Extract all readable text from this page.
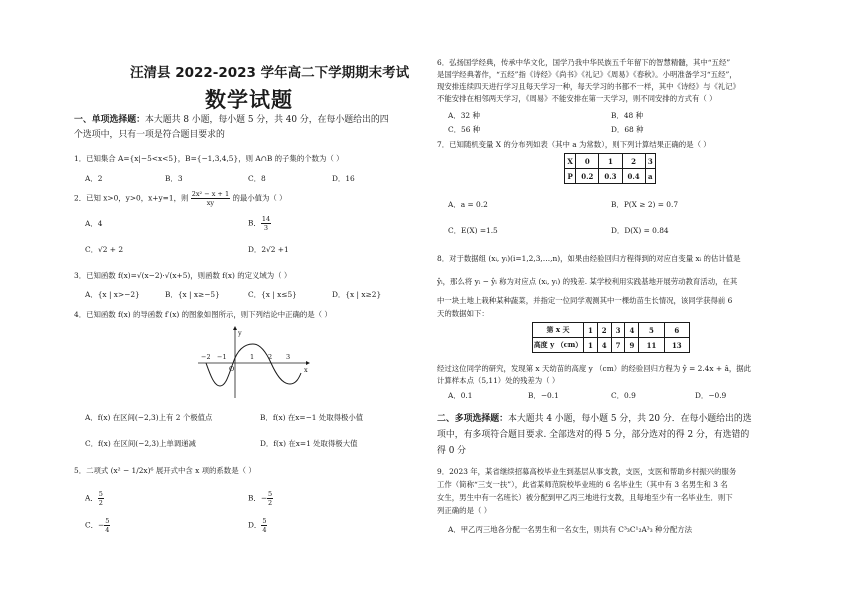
汪清县 2022-2023 学年高二下学期期末考试
数学试题
一、单项选择题：本大题共 8 小题，每小题 5 分，共 40 分，在每小题给出的四
个选项中，只有一项是符合题目要求的
1．已知集合 A={x|−5<x<5}，B={−1,3,4,5}，则 A∩B 的子集的个数为（ ）
A．2	B．3	C．8	D．16
2．已知 x>0，y>0，x+y=1，则 $\frac{\text{2x² − x + 1}}{xy}$ 的最小值为（ ）
A．4	B． $\frac{14}{3}$
C．√2 + 2	D．2√2 +1
3．已知函数 f(x)=√(x−2)·√(x+5)，则函数 f(x) 的定义域为（ ）
A．{x | x>−2}	B．{x | x≥−5}	C．{x | x≤5}	D．{x | x≥2}
4．已知函数 f(x) 的导函数 f′(x) 的图象如图所示，则下列结论中正确的是（ ）
y
x
O
−2 −1	1 2 3
A．f(x) 在区间(−2,3)上有 2 个极值点	B．f(x) 在x=−1 处取得极小值
C．f(x) 在区间(−2,3)上单调递减	D．f(x) 在x=1 处取得极大值
5．二项式 (x² − 1/2x)⁶ 展开式中含 x 项的系数是（ ）
A． $\frac{5}{2}$	B．− $\frac{5}{2}$
C．− $\frac{5}{4}$	D． $\frac{5}{4}$
6．弘扬国学经典，传承中华文化，国学乃我中华民族五千年留下的智慧精髓，其中“五经”
是国学经典著作，“五经”指《诗经》《尚书》《礼记》《周易》《春秋》。小明准备学习“五经”，
现安排连续四天进行学习且每天学习一种，每天学习的书都不一样，其中《诗经》与《礼记》
不能安排在相邻两天学习，《周易》不能安排在第一天学习，则不同安排的方式有（ ）
A．32 种	B．48 种
C．56 种	D．68 种
7．已知随机变量 X 的分布列如表（其中 a 为常数），则下列计算结果正确的是（ ）
X	0	1	2	3
P	0.2	0.3	0.4	a
A．a = 0.2	B．P(X ≥ 2) = 0.7
C．E(X) =1.5	D．D(X) = 0.84
8．对于数据组 (xᵢ, yᵢ)(i=1,2,3,…,n)，如果由经验回归方程得到的对应自变量 xᵢ 的估计值是
ŷᵢ，那么将 yᵢ − ŷᵢ 称为对应点 (xᵢ, yᵢ) 的残差. 某学校利用实践基地开展劳动教育活动，在其
中一块土地上栽种某种蔬菜，并指定一位同学观测其中一棵幼苗生长情况，该同学获得前 6
天的数据如下：
第 x 天	1	2	3	4	5	6
高度 y （cm）	1	4	7	9	11	13
经过这位同学的研究，发现第 x 天幼苗的高度 y （cm）的经验回归方程为 ŷ = 2.4x + â，据此
计算样本点（5,11）处的残差为（ ）
A．0.1	B．−0.1	C．0.9	D．−0.9
二、多项选择题：本大题共 4 小题，每小题 5 分，共 20 分．在每小题给出的选
项中，有多项符合题目要求. 全部选对的得 5 分，部分选对的得 2 分，有选错的
得 0 分
9．2023 年，某省继续招募高校毕业生到基层从事支教，支医，支医和帮助乡村振兴的服务
工作（简称“三支一扶”），此省某师范院校毕业班的 6 名毕业生（其中有 3 名男生和 3 名
女生，男生中有一名班长）被分配到甲乙丙三地进行支教，且每地至少有一名毕业生．则下
列正确的是（ ）
A．甲乙丙三地各分配一名男生和一名女生，则共有 C³₃C¹₂A³₃ 种分配方法
